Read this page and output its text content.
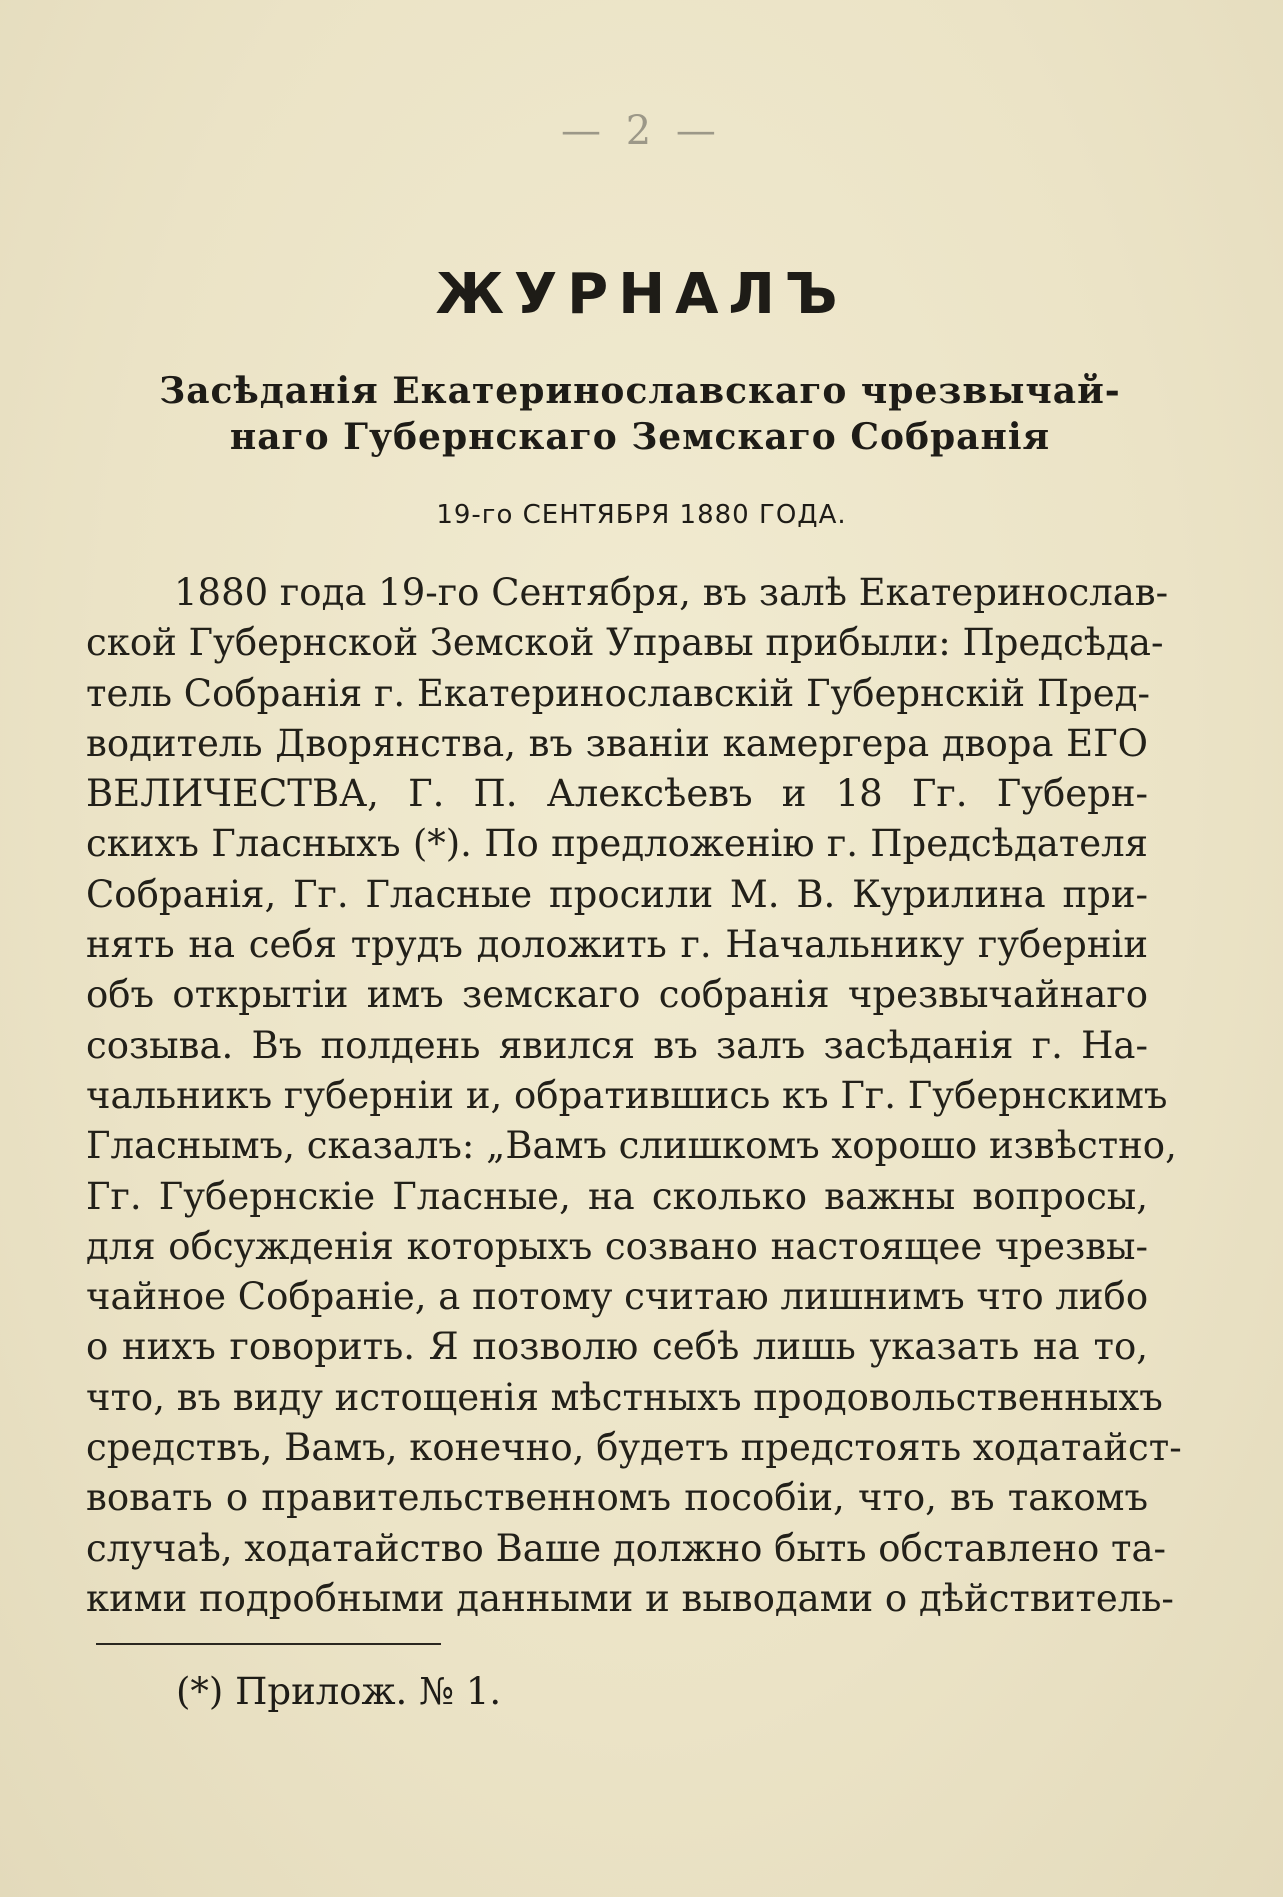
— 2 —
ЖУРНАЛЪ
Засѣданія Екатеринославскаго чрезвычай-
наго Губернскаго Земскаго Собранія
19-го СЕНТЯБРЯ 1880 ГОДА.
1880 года 19-го Сентября, въ залѣ Екатеринослав-
ской Губернской Земской Управы прибыли: Предсѣда-
тель Собранія г. Екатеринославскій Губернскій Пред-
водитель Дворянства, въ званіи камергера двора ЕГО
ВЕЛИЧЕСТВА, Г. П. Алексѣевъ и 18 Гг. Губерн-
скихъ Гласныхъ (*). По предложенію г. Предсѣдателя
Собранія, Гг. Гласные просили М. В. Курилина при-
нять на себя трудъ доложить г. Начальнику губерніи
объ открытіи имъ земскаго собранія чрезвычайнаго
созыва. Въ полдень явился въ залъ засѣданія г. На-
чальникъ губерніи и, обратившись къ Гг. Губернскимъ
Гласнымъ, сказалъ: „Вамъ слишкомъ хорошо извѣстно,
Гг. Губернскіе Гласные, на сколько важны вопросы,
для обсужденія которыхъ созвано настоящее чрезвы-
чайное Собраніе, а потому считаю лишнимъ что либо
о нихъ говорить. Я позволю себѣ лишь указать на то,
что, въ виду истощенія мѣстныхъ продовольственныхъ
средствъ, Вамъ, конечно, будетъ предстоять ходатайст-
вовать о правительственномъ пособіи, что, въ такомъ
случаѣ, ходатайство Ваше должно быть обставлено та-
кими подробными данными и выводами о дѣйствитель-
(*) Прилож. № 1.
